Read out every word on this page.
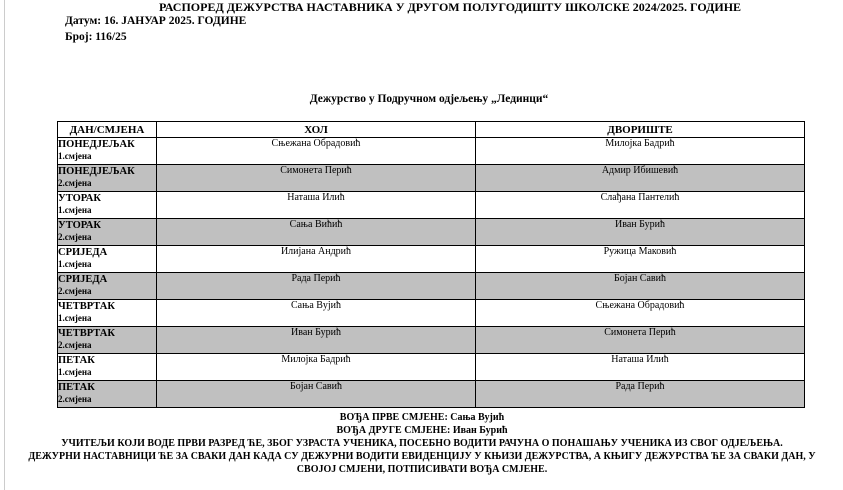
РАСПОРЕД ДЕЖУРСТВА НАСТАВНИКА У ДРУГОМ ПОЛУГОДИШТУ ШКОЛСКЕ 2024/2025. ГОДИНЕ
Датум: 16. ЈАНУАР 2025. ГОДИНЕ
Број: 116/25
Дежурство у Подручном одјељењу „Лединци“
ДАН/СМЈЕНА	ХОЛ	ДВОРИШТЕ

ПОНЕДЈЕЉАК
1.смјена	Сњежана Обрадовић	Милојка Бадрић

ПОНЕДЈЕЉАК
2.смјена	Симонета Перић	Адмир Ибишевић

УТОРАК
1.смјена	Наташа Илић	Слађана Пантелић

УТОРАК
2.смјена	Сања Вићић	Иван Бурић

СРИЈЕДА
1.смјена	Илијана Андрић	Ружица Маковић

СРИЈЕДА
2.смјена	Рада Перић	Бојан Савић

ЧЕТВРТАК
1.смјена	Сања Вујић	Сњежана Обрадовић

ЧЕТВРТАК
2.смјена	Иван Бурић	Симонета Перић

ПЕТАК
1.смјена	Милојка Бадрић	Наташа Илић

ПЕТАК
2.смјена	Бојан Савић	Рада Перић
ВОЂА ПРВЕ СМЈЕНЕ: Сања Вујић
ВОЂА ДРУГЕ СМЈЕНЕ: Иван Бурић
УЧИТЕЉИ КОЈИ ВОДЕ ПРВИ РАЗРЕД ЋЕ, ЗБОГ УЗРАСТА УЧЕНИКА, ПОСЕБНО ВОДИТИ РАЧУНА О ПОНАШАЊУ УЧЕНИКА ИЗ СВОГ ОДЈЕЉЕЊА.
ДЕЖУРНИ НАСТАВНИЦИ ЋЕ ЗА СВАКИ ДАН КАДА СУ ДЕЖУРНИ ВОДИТИ ЕВИДЕНЦИЈУ У КЊИЗИ ДЕЖУРСТВА, А КЊИГУ ДЕЖУРСТВА ЋЕ ЗА СВАКИ ДАН, У СВОЈОЈ СМЈЕНИ, ПОТПИСИВАТИ ВОЂА СМЈЕНЕ.
